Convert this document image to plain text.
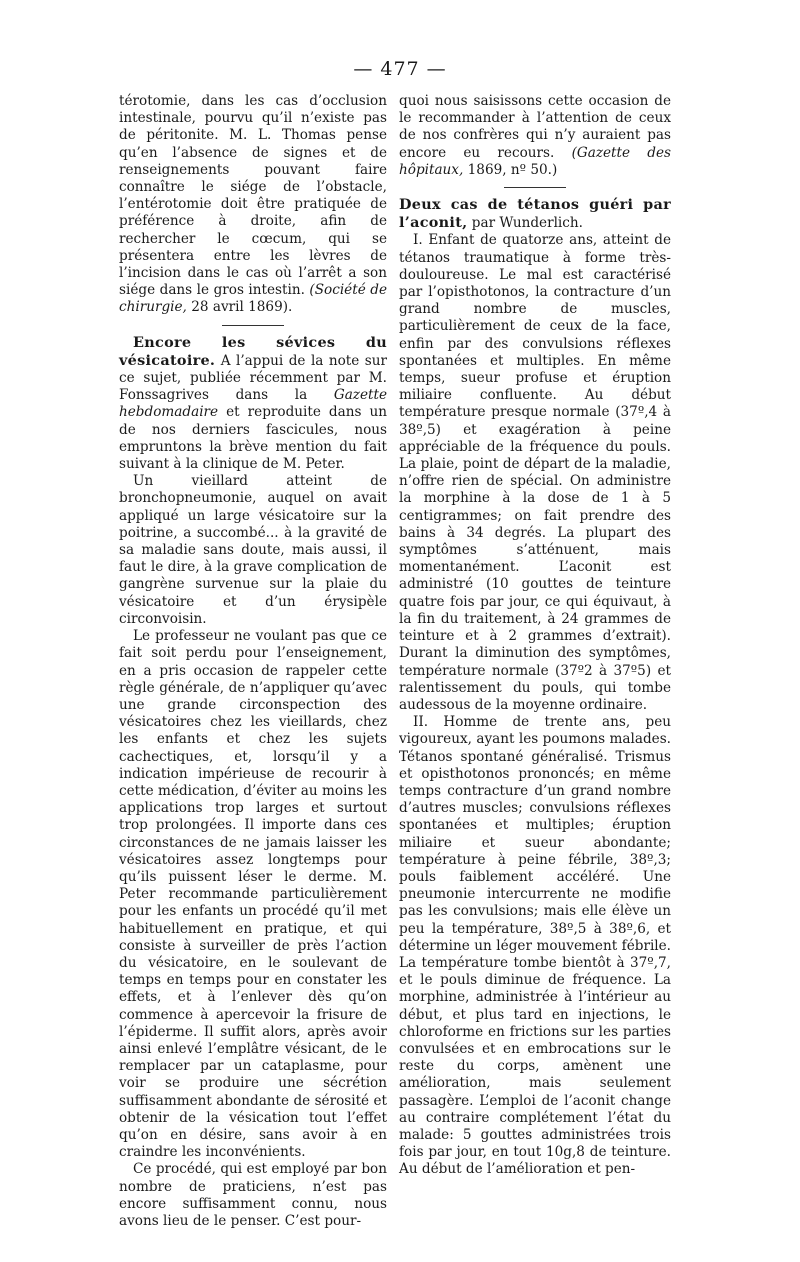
— 477 —

térotomie, dans les cas d’occlusion intestinale, pourvu qu’il n’existe pas de péritonite. M. L. Thomas pense qu’en l’absence de signes et de renseignements pouvant faire connaître le siége de l’obstacle, l’entérotomie doit être pratiquée de préférence à droite, afin de rechercher le cœcum, qui se présentera entre les lèvres de l’incision dans le cas où l’arrêt a son siége dans le gros intestin. (Société de chirurgie, 28 avril 1869).

Encore les sévices du vésicatoire. A l’appui de la note sur ce sujet, publiée récemment par M. Fonssagrives dans la Gazette hebdomadaire et reproduite dans un de nos derniers fascicules, nous empruntons la brève mention du fait suivant à la clinique de M. Peter.

Un vieillard atteint de bronchopneumonie, auquel on avait appliqué un large vésicatoire sur la poitrine, a succombé... à la gravité de sa maladie sans doute, mais aussi, il faut le dire, à la grave complication de gangrène survenue sur la plaie du vésicatoire et d’un érysipèle circonvoisin.

Le professeur ne voulant pas que ce fait soit perdu pour l’enseignement, en a pris occasion de rappeler cette règle générale, de n’appliquer qu’avec une grande circonspection des vésicatoires chez les vieillards, chez les enfants et chez les sujets cachectiques, et, lorsqu’il y a indication impérieuse de recourir à cette médication, d’éviter au moins les applications trop larges et surtout trop prolongées. Il importe dans ces circonstances de ne jamais laisser les vésicatoires assez longtemps pour qu’ils puissent léser le derme. M. Peter recommande particulièrement pour les enfants un procédé qu’il met habituellement en pratique, et qui consiste à surveiller de près l’action du vésicatoire, en le soulevant de temps en temps pour en constater les effets, et à l’enlever dès qu’on commence à apercevoir la frisure de l’épiderme. Il suffit alors, après avoir ainsi enlevé l’emplâtre vésicant, de le remplacer par un cataplasme, pour voir se produire une sécrétion suffisamment abondante de sérosité et obtenir de la vésication tout l’effet qu’on en désire, sans avoir à en craindre les inconvénients.

Ce procédé, qui est employé par bon nombre de praticiens, n’est pas encore suffisamment connu, nous avons lieu de le penser. C’est pour-

quoi nous saisissons cette occasion de le recommander à l’attention de ceux de nos confrères qui n’y auraient pas encore eu recours. (Gazette des hôpitaux, 1869, nº 50.)

Deux cas de tétanos guéri par l’aconit, par Wunderlich.

I. Enfant de quatorze ans, atteint de tétanos traumatique à forme très-douloureuse. Le mal est caractérisé par l’opisthotonos, la contracture d’un grand nombre de muscles, particulièrement de ceux de la face, enfin par des convulsions réflexes spontanées et multiples. En même temps, sueur profuse et éruption miliaire confluente. Au début température presque normale (37º,4 à 38º,5) et exagération à peine appréciable de la fréquence du pouls. La plaie, point de départ de la maladie, n’offre rien de spécial. On administre la morphine à la dose de 1 à 5 centigrammes; on fait prendre des bains à 34 degrés. La plupart des symptômes s’atténuent, mais momentanément. L’aconit est administré (10 gouttes de teinture quatre fois par jour, ce qui équivaut, à la fin du traitement, à 24 grammes de teinture et à 2 grammes d’extrait). Durant la diminution des symptômes, température normale (37º2 à 37º5) et ralentissement du pouls, qui tombe audessous de la moyenne ordinaire.

II. Homme de trente ans, peu vigoureux, ayant les poumons malades. Tétanos spontané généralisé. Trismus et opisthotonos prononcés; en même temps contracture d’un grand nombre d’autres muscles; convulsions réflexes spontanées et multiples; éruption miliaire et sueur abondante; température à peine fébrile, 38º,3; pouls faiblement accéléré. Une pneumonie intercurrente ne modifie pas les convulsions; mais elle élève un peu la température, 38º,5 à 38º,6, et détermine un léger mouvement fébrile. La température tombe bientôt à 37º,7, et le pouls diminue de fréquence. La morphine, administrée à l’intérieur au début, et plus tard en injections, le chloroforme en frictions sur les parties convulsées et en embrocations sur le reste du corps, amènent une amélioration, mais seulement passagère. L’emploi de l’aconit change au contraire complétement l’état du malade: 5 gouttes administrées trois fois par jour, en tout 10g,8 de teinture. Au début de l’amélioration et pen-
